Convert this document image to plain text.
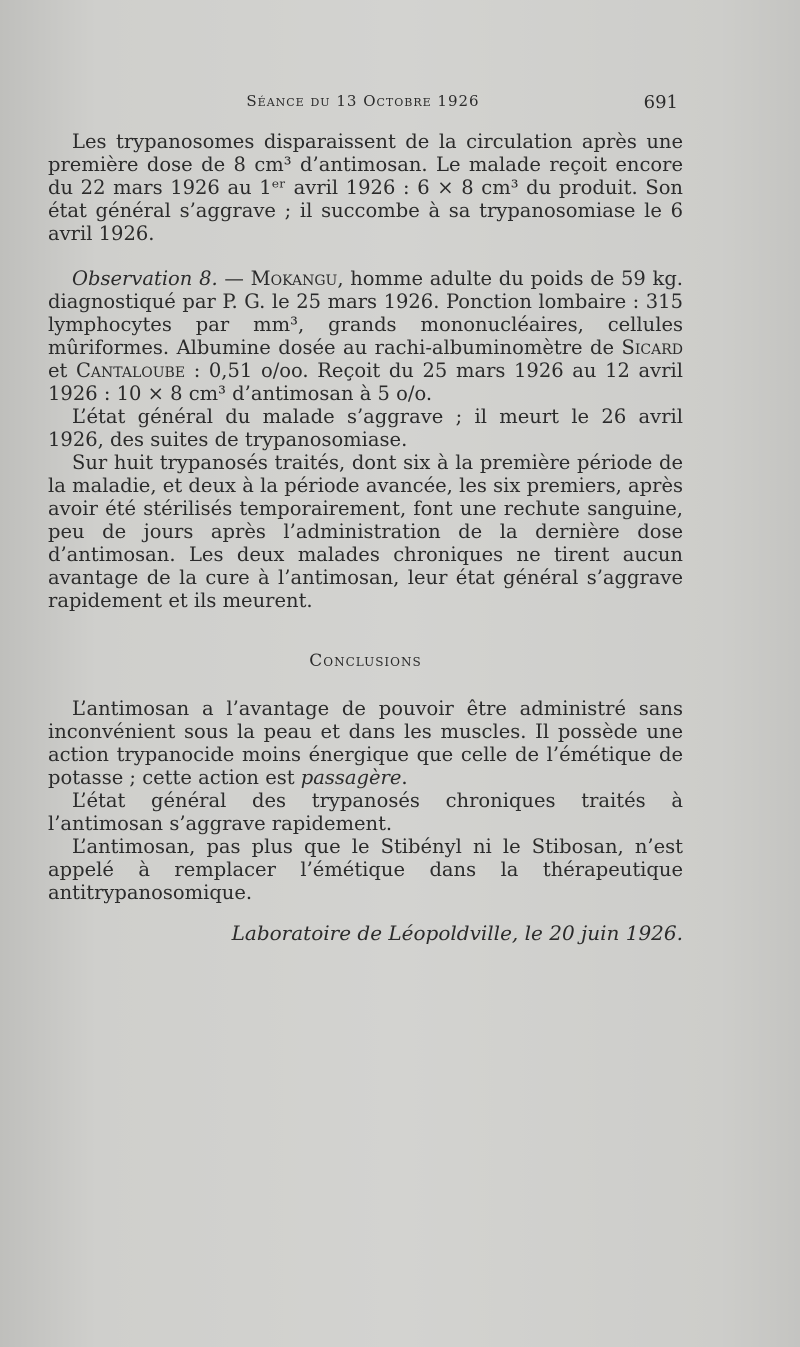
Séance du 13 Octobre 1926	691

Les trypanosomes disparaissent de la circulation après une première dose de 8 cm³ d’antimosan. Le malade reçoit encore du 22 mars 1926 au 1ᵉʳ avril 1926 : 6 × 8 cm³ du produit. Son état général s’aggrave ; il succombe à sa trypanosomiase le 6 avril 1926.

Observation 8. — Mokangu, homme adulte du poids de 59 kg. diagnostiqué par P. G. le 25 mars 1926. Ponction lombaire : 315 lymphocytes par mm³, grands mononucléaires, cellules mûriformes. Albumine dosée au rachi-albuminomètre de Sicard et Cantaloube : 0,51 o/oo. Reçoit du 25 mars 1926 au 12 avril 1926 : 10 × 8 cm³ d’antimosan à 5 o/o.

L’état général du malade s’aggrave ; il meurt le 26 avril 1926, des suites de trypanosomiase.

Sur huit trypanosés traités, dont six à la première période de la maladie, et deux à la période avancée, les six premiers, après avoir été stérilisés temporairement, font une rechute sanguine, peu de jours après l’administration de la dernière dose d’antimosan. Les deux malades chroniques ne tirent aucun avantage de la cure à l’antimosan, leur état général s’aggrave rapidement et ils meurent.

Conclusions

L’antimosan a l’avantage de pouvoir être administré sans inconvénient sous la peau et dans les muscles. Il possède une action trypanocide moins énergique que celle de l’émétique de potasse ; cette action est passagère.

L’état général des trypanosés chroniques traités à l’antimosan s’aggrave rapidement.

L’antimosan, pas plus que le Stibényl ni le Stibosan, n’est appelé à remplacer l’émétique dans la thérapeutique antitrypanosomique.

Laboratoire de Léopoldville, le 20 juin 1926.
